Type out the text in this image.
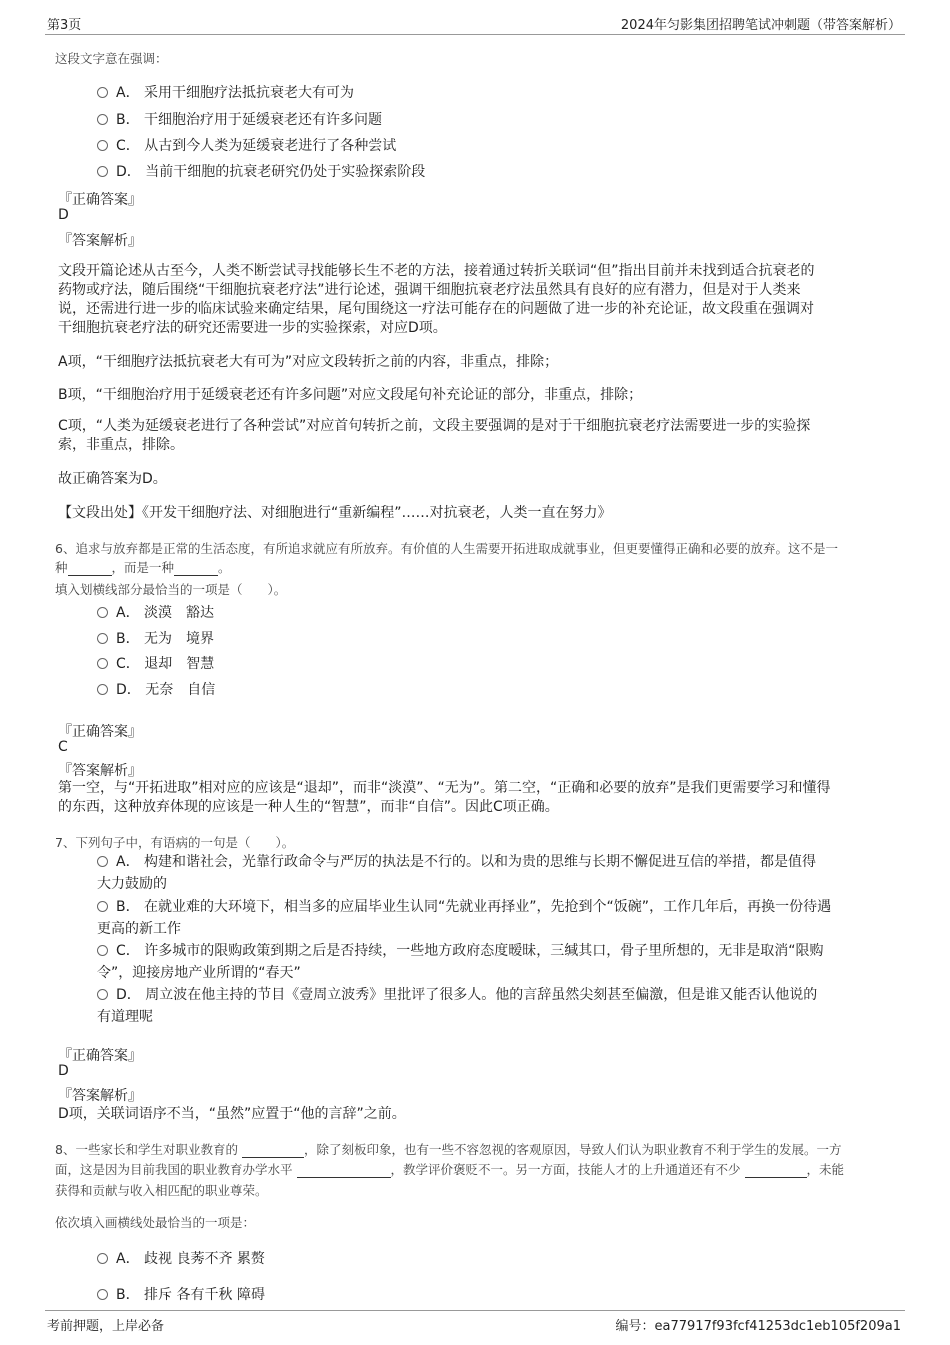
第3页	2024年匀影集团招聘笔试冲刺题（带答案解析）
这段文字意在强调：
A． 采用干细胞疗法抵抗衰老大有可为
B． 干细胞治疗用于延缓衰老还有许多问题
C． 从古到今人类为延缓衰老进行了各种尝试
D． 当前干细胞的抗衰老研究仍处于实验探索阶段
『正确答案』
D
『答案解析』
文段开篇论述从古至今，人类不断尝试寻找能够长生不老的方法，接着通过转折关联词“但”指出目前并未找到适合抗衰老的
药物或疗法，随后围绕“干细胞抗衰老疗法”进行论述，强调干细胞抗衰老疗法虽然具有良好的应有潜力，但是对于人类来
说，还需进行进一步的临床试验来确定结果，尾句围绕这一疗法可能存在的问题做了进一步的补充论证，故文段重在强调对
干细胞抗衰老疗法的研究还需要进一步的实验探索，对应D项。
A项，“干细胞疗法抵抗衰老大有可为”对应文段转折之前的内容，非重点，排除；
B项，“干细胞治疗用于延缓衰老还有许多问题”对应文段尾句补充论证的部分，非重点，排除；
C项，“人类为延缓衰老进行了各种尝试”对应首句转折之前，文段主要强调的是对于干细胞抗衰老疗法需要进一步的实验探
索，非重点，排除。
故正确答案为D。
【文段出处】《开发干细胞疗法、对细胞进行“重新编程”……对抗衰老，人类一直在努力》
6、追求与放弃都是正常的生活态度，有所追求就应有所放弃。有价值的人生需要开拓进取成就事业，但更要懂得正确和必要的放弃。这不是一
种	，而是一种	。
填入划横线部分最恰当的一项是（　　）。
A． 淡漠　豁达
B． 无为　境界
C． 退却　智慧
D． 无奈　自信
『正确答案』
C
『答案解析』
第一空，与“开拓进取”相对应的应该是“退却”，而非“淡漠”、“无为”。第二空，“正确和必要的放弃”是我们更需要学习和懂得
的东西，这种放弃体现的应该是一种人生的“智慧”，而非“自信”。因此C项正确。
7、下列句子中，有语病的一句是（　　）。
A． 构建和谐社会，光靠行政命令与严厉的执法是不行的。以和为贵的思维与长期不懈促进互信的举措，都是值得
大力鼓励的
B． 在就业难的大环境下，相当多的应届毕业生认同“先就业再择业”，先抢到个“饭碗”，工作几年后，再换一份待遇
更高的新工作
C． 许多城市的限购政策到期之后是否持续，一些地方政府态度暧昧，三缄其口，骨子里所想的，无非是取消“限购
令”，迎接房地产业所谓的“春天”
D． 周立波在他主持的节目《壹周立波秀》里批评了很多人。他的言辞虽然尖刻甚至偏激，但是谁又能否认他说的
有道理呢
『正确答案』
D
『答案解析』
D项，关联词语序不当，“虽然”应置于“他的言辞”之前。
8、一些家长和学生对职业教育的	，除了刻板印象，也有一些不容忽视的客观原因，导致人们认为职业教育不利于学生的发展。一方
面，这是因为目前我国的职业教育办学水平	，教学评价褒贬不一。另一方面，技能人才的上升通道还有不少	，未能
获得和贡献与收入相匹配的职业尊荣。
依次填入画横线处最恰当的一项是：
A． 歧视 良莠不齐 累赘
B． 排斥 各有千秋 障碍
考前押题，上岸必备	编号：ea77917f93fcf41253dc1eb105f209a1
